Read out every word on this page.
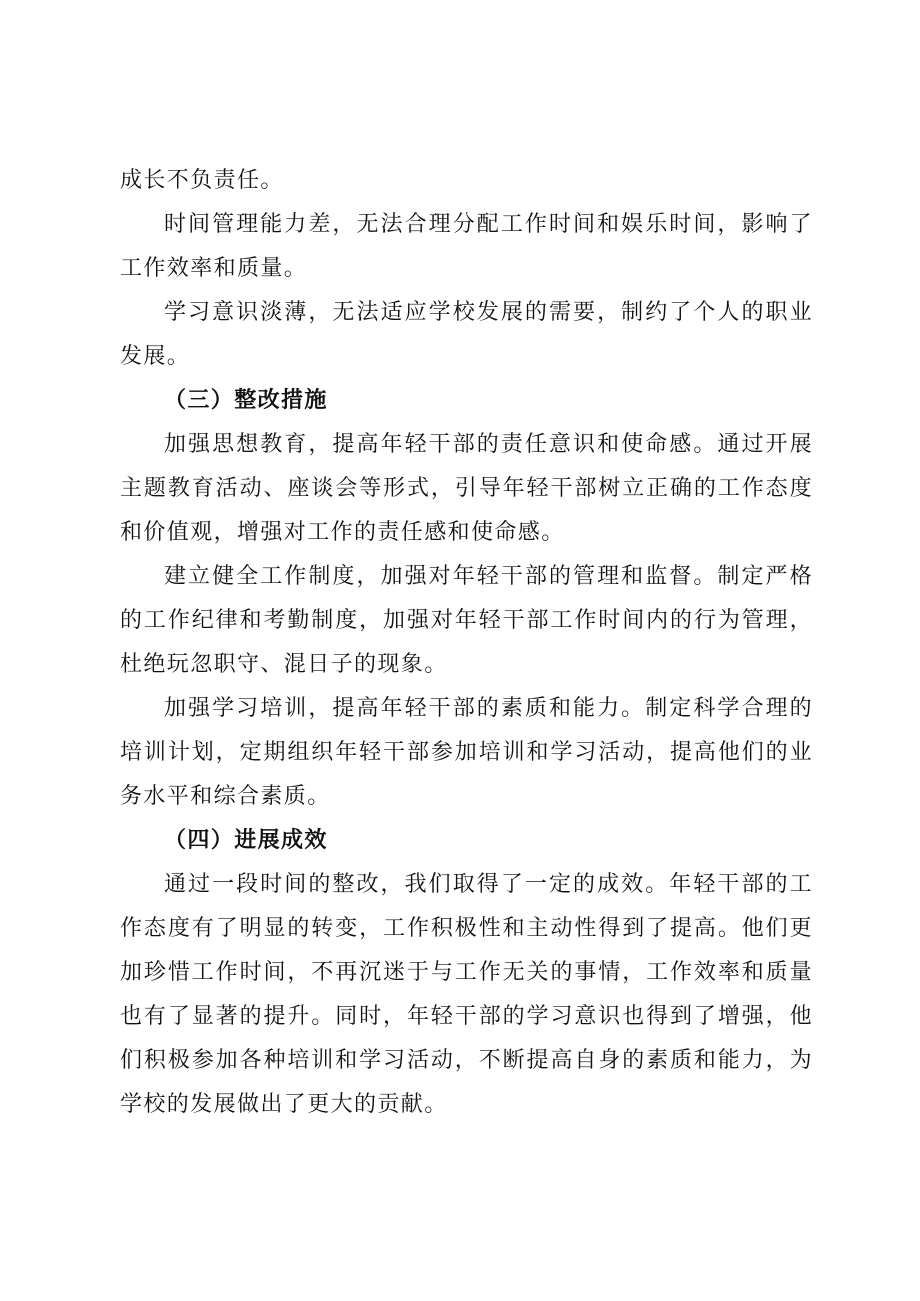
成长不负责任。

时间管理能力差，无法合理分配工作时间和娱乐时间，影响了工作效率和质量。

学习意识淡薄，无法适应学校发展的需要，制约了个人的职业发展。

（三）整改措施

加强思想教育，提高年轻干部的责任意识和使命感。通过开展主题教育活动、座谈会等形式，引导年轻干部树立正确的工作态度和价值观，增强对工作的责任感和使命感。

建立健全工作制度，加强对年轻干部的管理和监督。制定严格的工作纪律和考勤制度，加强对年轻干部工作时间内的行为管理，杜绝玩忽职守、混日子的现象。

加强学习培训，提高年轻干部的素质和能力。制定科学合理的培训计划，定期组织年轻干部参加培训和学习活动，提高他们的业务水平和综合素质。

（四）进展成效

通过一段时间的整改，我们取得了一定的成效。年轻干部的工作态度有了明显的转变，工作积极性和主动性得到了提高。他们更加珍惜工作时间，不再沉迷于与工作无关的事情，工作效率和质量也有了显著的提升。同时，年轻干部的学习意识也得到了增强，他们积极参加各种培训和学习活动，不断提高自身的素质和能力，为学校的发展做出了更大的贡献。
